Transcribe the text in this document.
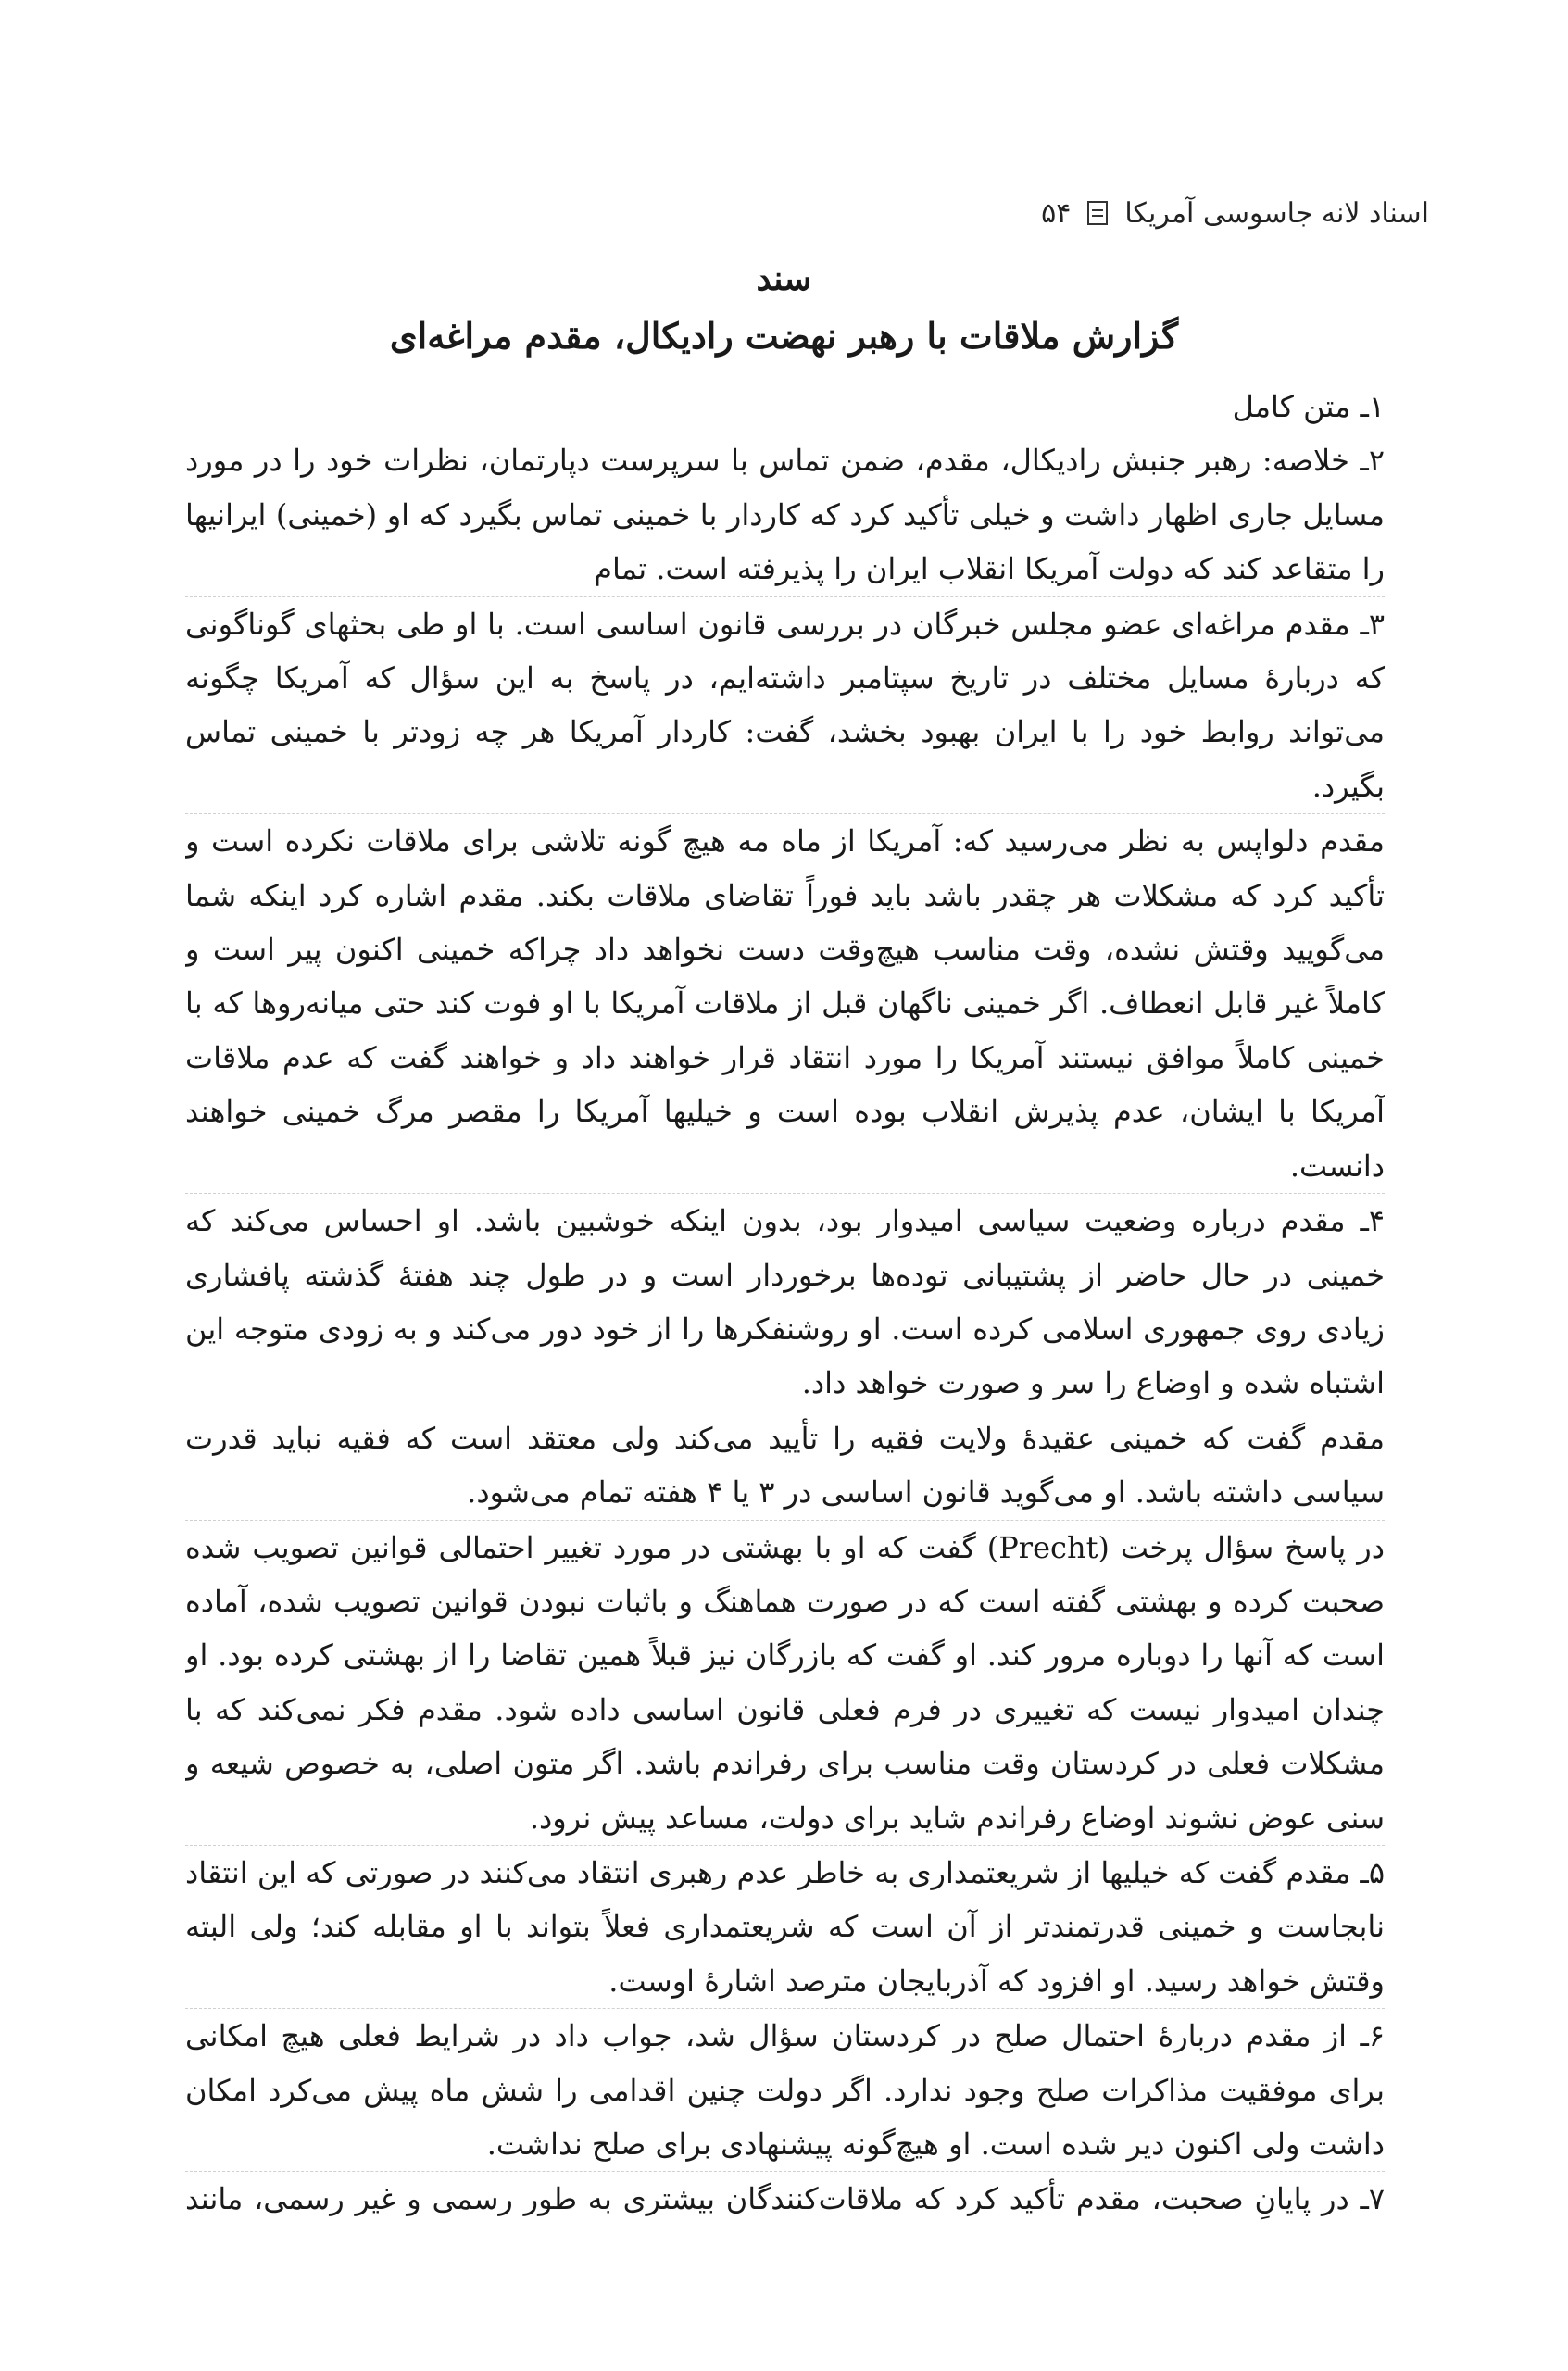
اسناد لانه جاسوسی آمریکا
۵۴
سند
گزارش ملاقات با رهبر نهضت رادیکال، مقدم مراغه‌ای

۱ـ متن کامل

۲ـ خلاصه: رهبر جنبش رادیکال، مقدم، ضمن تماس با سرپرست دپارتمان، نظرات خود را در مورد مسایل جاری اظهار داشت و خیلی تأکید کرد که کاردار با خمینی تماس بگیرد که او (خمینی) ایرانیها را متقاعد کند که دولت آمریکا انقلاب ایران را پذیرفته است. تمام

۳ـ مقدم مراغه‌ای عضو مجلس خبرگان در بررسی قانون اساسی است. با او طی بحثهای گوناگونی که دربارهٔ مسایل مختلف در تاریخ سپتامبر داشته‌ایم، در پاسخ به این سؤال که آمریکا چگونه می‌تواند روابط خود را با ایران بهبود بخشد، گفت: کاردار آمریکا هر چه زودتر با خمینی تماس بگیرد.

مقدم دلواپس به نظر می‌رسید که: آمریکا از ماه مه هیچ گونه تلاشی برای ملاقات نکرده است و تأکید کرد که مشکلات هر چقدر باشد باید فوراً تقاضای ملاقات بکند. مقدم اشاره کرد اینکه شما می‌گویید وقتش نشده، وقت مناسب هیچ‌وقت دست نخواهد داد چراکه خمینی اکنون پیر است و کاملاً غیر قابل انعطاف. اگر خمینی ناگهان قبل از ملاقات آمریکا با او فوت کند حتی میانه‌روها که با خمینی کاملاً موافق نیستند آمریکا را مورد انتقاد قرار خواهند داد و خواهند گفت که عدم ملاقات آمریکا با ایشان، عدم پذیرش انقلاب بوده است و خیلیها آمریکا را مقصر مرگ خمینی خواهند دانست.

۴ـ مقدم درباره وضعیت سیاسی امیدوار بود، بدون اینکه خوشبین باشد. او احساس می‌کند که خمینی در حال حاضر از پشتیبانی توده‌ها برخوردار است و در طول چند هفتهٔ گذشته پافشاری زیادی روی جمهوری اسلامی کرده است. او روشنفکرها را از خود دور می‌کند و به زودی متوجه این اشتباه شده و اوضاع را سر و صورت خواهد داد.

مقدم گفت که خمینی عقیدهٔ ولایت فقیه را تأیید می‌کند ولی معتقد است که فقیه نباید قدرت سیاسی داشته باشد. او می‌گوید قانون اساسی در ۳ یا ۴ هفته تمام می‌شود.

در پاسخ سؤال پرخت (Precht) گفت که او با بهشتی در مورد تغییر احتمالی قوانین تصویب شده صحبت کرده و بهشتی گفته است که در صورت هماهنگ و باثبات نبودن قوانین تصویب شده، آماده است که آنها را دوباره مرور کند. او گفت که بازرگان نیز قبلاً همین تقاضا را از بهشتی کرده بود. او چندان امیدوار نیست که تغییری در فرم فعلی قانون اساسی داده شود. مقدم فکر نمی‌کند که با مشکلات فعلی در کردستان وقت مناسب برای رفراندم باشد. اگر متون اصلی، به خصوص شیعه و سنی عوض نشوند اوضاع رفراندم شاید برای دولت، مساعد پیش نرود.

۵ـ مقدم گفت که خیلیها از شریعتمداری به خاطر عدم رهبری انتقاد می‌کنند در صورتی که این انتقاد نابجاست و خمینی قدرتمندتر از آن است که شریعتمداری فعلاً بتواند با او مقابله کند؛ ولی البته وقتش خواهد رسید. او افزود که آذربایجان مترصد اشارهٔ اوست.

۶ـ از مقدم دربارهٔ احتمال صلح در کردستان سؤال شد، جواب داد در شرایط فعلی هیچ امکانی برای موفقیت مذاکرات صلح وجود ندارد. اگر دولت چنین اقدامی را شش ماه پیش می‌کرد امکان داشت ولی اکنون دیر شده است. او هیچ‌گونه پیشنهادی برای صلح نداشت.

۷ـ در پایانِ صحبت، مقدم تأکید کرد که ملاقات‌کنندگان بیشتری به طور رسمی و غیر رسمی، مانند
